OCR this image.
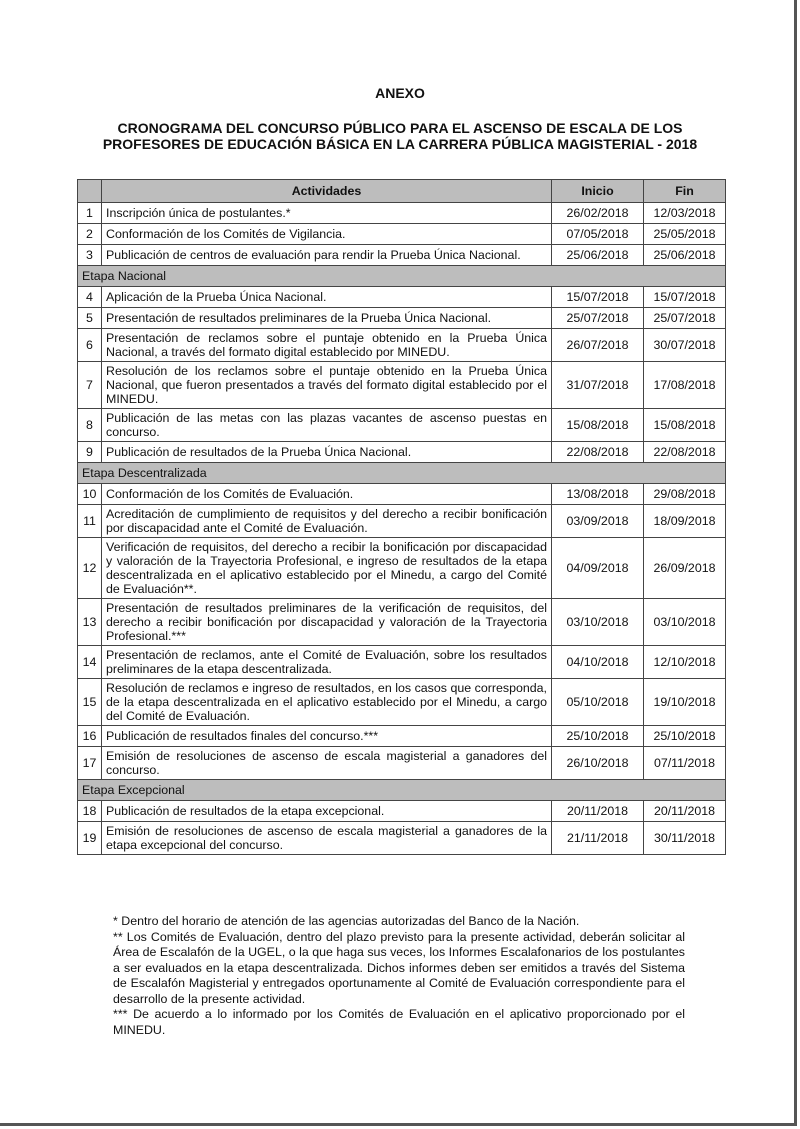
ANEXO
CRONOGRAMA DEL CONCURSO PÚBLICO PARA EL ASCENSO DE ESCALA DE LOS PROFESORES DE EDUCACIÓN BÁSICA EN LA CARRERA PÚBLICA MAGISTERIAL - 2018
	Actividades	Inicio	Fin
1	Inscripción única de postulantes.*	26/02/2018	12/03/2018
2	Conformación de los Comités de Vigilancia.	07/05/2018	25/05/2018
3	Publicación de centros de evaluación para rendir la Prueba Única Nacional.	25/06/2018	25/06/2018
Etapa Nacional			
4	Aplicación de la Prueba Única Nacional.	15/07/2018	15/07/2018
5	Presentación de resultados preliminares de la Prueba Única Nacional.	25/07/2018	25/07/2018
6	Presentación de reclamos sobre el puntaje obtenido en la Prueba Única Nacional, a través del formato digital establecido por MINEDU.	26/07/2018	30/07/2018
7	Resolución de los reclamos sobre el puntaje obtenido en la Prueba Única Nacional, que fueron presentados a través del formato digital establecido por el MINEDU.	31/07/2018	17/08/2018
8	Publicación de las metas con las plazas vacantes de ascenso puestas en concurso.	15/08/2018	15/08/2018
9	Publicación de resultados de la Prueba Única Nacional.	22/08/2018	22/08/2018
Etapa Descentralizada			
10	Conformación de los Comités de Evaluación.	13/08/2018	29/08/2018
11	Acreditación de cumplimiento de requisitos y del derecho a recibir bonificación por discapacidad ante el Comité de Evaluación.	03/09/2018	18/09/2018
12	Verificación de requisitos, del derecho a recibir la bonificación por discapacidad y valoración de la Trayectoria Profesional, e ingreso de resultados de la etapa descentralizada en el aplicativo establecido por el Minedu, a cargo del Comité de Evaluación**.	04/09/2018	26/09/2018
13	Presentación de resultados preliminares de la verificación de requisitos, del derecho a recibir bonificación por discapacidad y valoración de la Trayectoria Profesional.***	03/10/2018	03/10/2018
14	Presentación de reclamos, ante el Comité de Evaluación, sobre los resultados preliminares de la etapa descentralizada.	04/10/2018	12/10/2018
15	Resolución de reclamos e ingreso de resultados, en los casos que corresponda, de la etapa descentralizada en el aplicativo establecido por el Minedu, a cargo del Comité de Evaluación.	05/10/2018	19/10/2018
16	Publicación de resultados finales del concurso.***	25/10/2018	25/10/2018
17	Emisión de resoluciones de ascenso de escala magisterial a ganadores del concurso.	26/10/2018	07/11/2018
Etapa Excepcional			
18	Publicación de resultados de la etapa excepcional.	20/11/2018	20/11/2018
19	Emisión de resoluciones de ascenso de escala magisterial a ganadores de la etapa excepcional del concurso.	21/11/2018	30/11/2018

* Dentro del horario de atención de las agencias autorizadas del Banco de la Nación.

** Los Comités de Evaluación, dentro del plazo previsto para la presente actividad, deberán solicitar al Área de Escalafón de la UGEL, o la que haga sus veces, los Informes Escalafonarios de los postulantes a ser evaluados en la etapa descentralizada. Dichos informes deben ser emitidos a través del Sistema de Escalafón Magisterial y entregados oportunamente al Comité de Evaluación correspondiente para el desarrollo de la presente actividad.

*** De acuerdo a lo informado por los Comités de Evaluación en el aplicativo proporcionado por el MINEDU.
